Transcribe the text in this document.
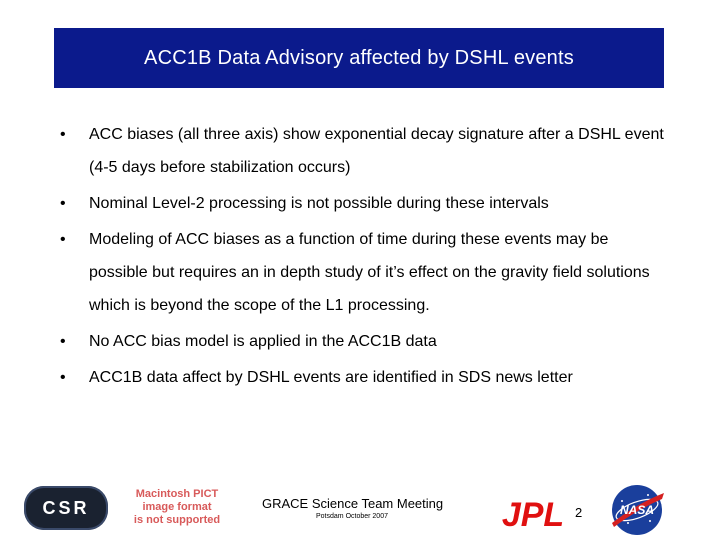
ACC1B Data Advisory affected by DSHL events
• ACC biases (all three axis) show exponential decay signature after a DSHL event (4-5 days before stabilization occurs)
• Nominal Level-2 processing is not possible during these intervals
• Modeling of ACC biases as a function of time during these events may be possible but requires an in depth study of it’s effect on the gravity field solutions which is beyond the scope of the L1 processing.
• No ACC bias model is applied in the ACC1B data
• ACC1B data affect by DSHL events are identified in SDS news letter
CSR
Macintosh PICT
image format
is not supported
GRACE Science Team Meeting
Potsdam October 2007	JPL 2	NASA
